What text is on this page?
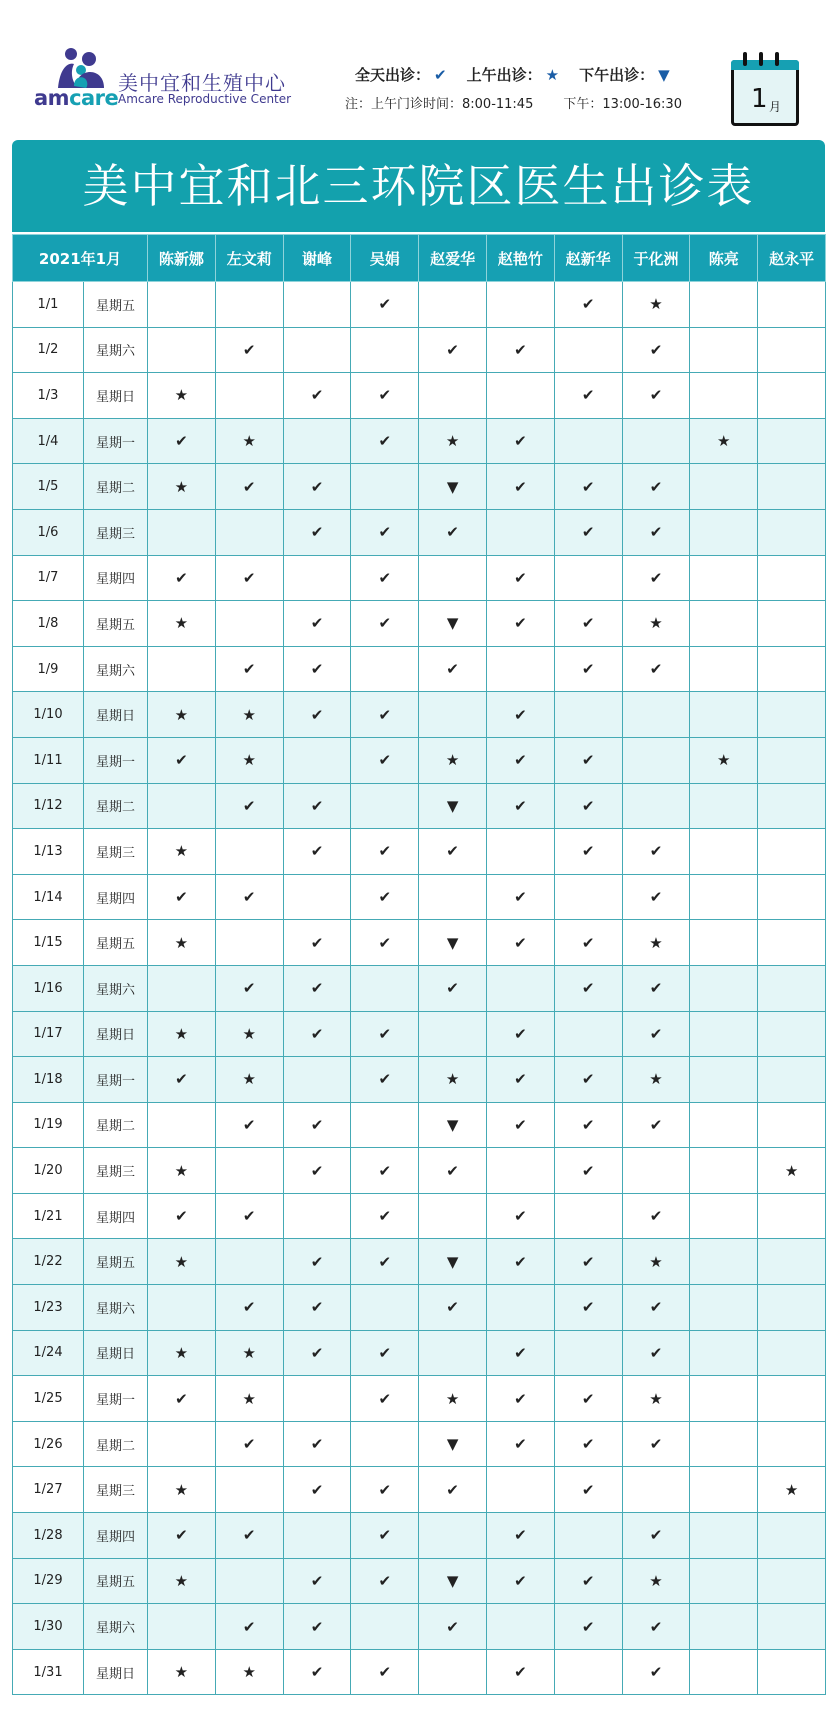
amcare
美中宜和生殖中心
Amcare Reproductive Center
全天出诊： ✔ 上午出诊： ★ 下午出诊： ▼
注：上午门诊时间：8:00-11:45 下午：13:00-16:30	1 月
美中宜和北三环院区医生出诊表
2021年1月		陈新娜	左文莉	谢峰	吴娟	赵爱华	赵艳竹	赵新华	于化洲	陈亮	赵永平
1/1	星期五				✔			✔	★		
1/2	星期六		✔			✔	✔		✔		
1/3	星期日	★		✔	✔			✔	✔		
1/4	星期一	✔	★		✔	★	✔			★	
1/5	星期二	★	✔	✔		▼	✔	✔	✔		
1/6	星期三			✔	✔	✔		✔	✔		
1/7	星期四	✔	✔		✔		✔		✔		
1/8	星期五	★		✔	✔	▼	✔	✔	★		
1/9	星期六		✔	✔		✔		✔	✔		
1/10	星期日	★	★	✔	✔		✔				
1/11	星期一	✔	★		✔	★	✔	✔		★	
1/12	星期二		✔	✔		▼	✔	✔			
1/13	星期三	★		✔	✔	✔		✔	✔		
1/14	星期四	✔	✔		✔		✔		✔		
1/15	星期五	★		✔	✔	▼	✔	✔	★		
1/16	星期六		✔	✔		✔		✔	✔		
1/17	星期日	★	★	✔	✔		✔		✔		
1/18	星期一	✔	★		✔	★	✔	✔	★		
1/19	星期二		✔	✔		▼	✔	✔	✔		
1/20	星期三	★		✔	✔	✔		✔			★
1/21	星期四	✔	✔		✔		✔		✔		
1/22	星期五	★		✔	✔	▼	✔	✔	★		
1/23	星期六		✔	✔		✔		✔	✔		
1/24	星期日	★	★	✔	✔		✔		✔		
1/25	星期一	✔	★		✔	★	✔	✔	★		
1/26	星期二		✔	✔		▼	✔	✔	✔		
1/27	星期三	★		✔	✔	✔		✔			★
1/28	星期四	✔	✔		✔		✔		✔		
1/29	星期五	★		✔	✔	▼	✔	✔	★		
1/30	星期六		✔	✔		✔		✔	✔		
1/31	星期日	★	★	✔	✔		✔		✔		
